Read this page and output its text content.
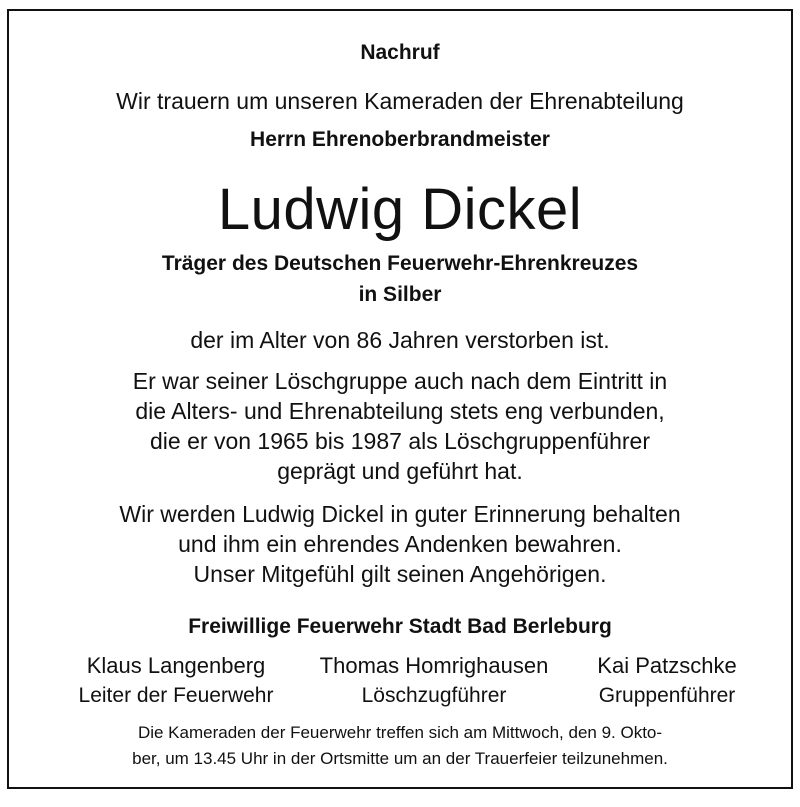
Nachruf
Wir trauern um unseren Kameraden der Ehrenabteilung
Herrn Ehrenoberbrandmeister
Ludwig Dickel
Träger des Deutschen Feuerwehr-Ehrenkreuzes
in Silber
der im Alter von 86 Jahren verstorben ist.
Er war seiner Löschgruppe auch nach dem Eintritt in
die Alters- und Ehrenabteilung stets eng verbunden,
die er von 1965 bis 1987 als Löschgruppenführer
geprägt und geführt hat.
Wir werden Ludwig Dickel in guter Erinnerung behalten
und ihm ein ehrendes Andenken bewahren.
Unser Mitgefühl gilt seinen Angehörigen.
Freiwillige Feuerwehr Stadt Bad Berleburg
Klaus Langenberg
Leiter der Feuerwehr
Thomas Homrighausen
Löschzugführer
Kai Patzschke
Gruppenführer
Die Kameraden der Feuerwehr treffen sich am Mittwoch, den 9. Okto-
ber, um 13.45 Uhr in der Ortsmitte um an der Trauerfeier teilzunehmen.
